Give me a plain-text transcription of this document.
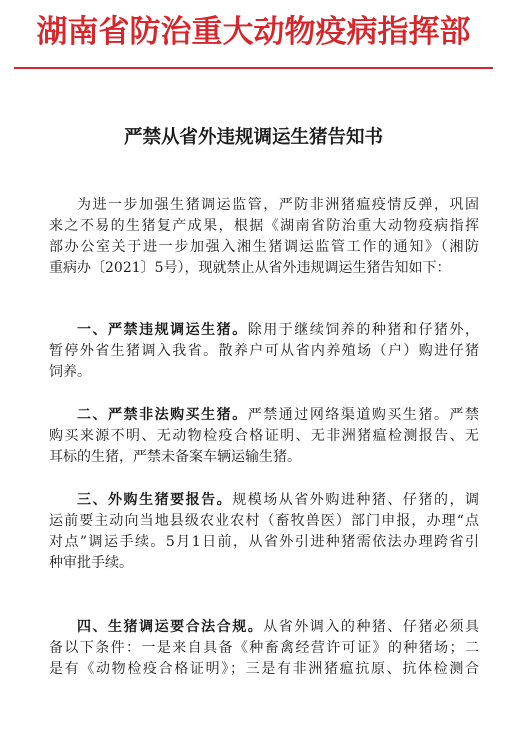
湖南省防治重大动物疫病指挥部
严禁从省外违规调运生猪告知书
为进一步加强生猪调运监管，严防非洲猪瘟疫情反弹，巩固
来之不易的生猪复产成果，根据《湖南省防治重大动物疫病指挥
部办公室关于进一步加强入湘生猪调运监管工作的通知》（湘防
重病办〔2021〕5号），现就禁止从省外违规调运生猪告知如下：
一、严禁违规调运生猪。除用于继续饲养的种猪和仔猪外，
暂停外省生猪调入我省。散养户可从省内养殖场（户）购进仔猪
饲养。
二、严禁非法购买生猪。严禁通过网络渠道购买生猪。严禁
购买来源不明、无动物检疫合格证明、无非洲猪瘟检测报告、无
耳标的生猪，严禁未备案车辆运输生猪。
三、外购生猪要报告。规模场从省外购进种猪、仔猪的，调
运前要主动向当地县级农业农村（畜牧兽医）部门申报，办理“点
对点”调运手续。5月1日前，从省外引进种猪需依法办理跨省引
种审批手续。
四、生猪调运要合法合规。从省外调入的种猪、仔猪必须具
备以下条件：一是来自具备《种畜禽经营许可证》的种猪场；二
是有《动物检疫合格证明》；三是有非洲猪瘟抗原、抗体检测合
